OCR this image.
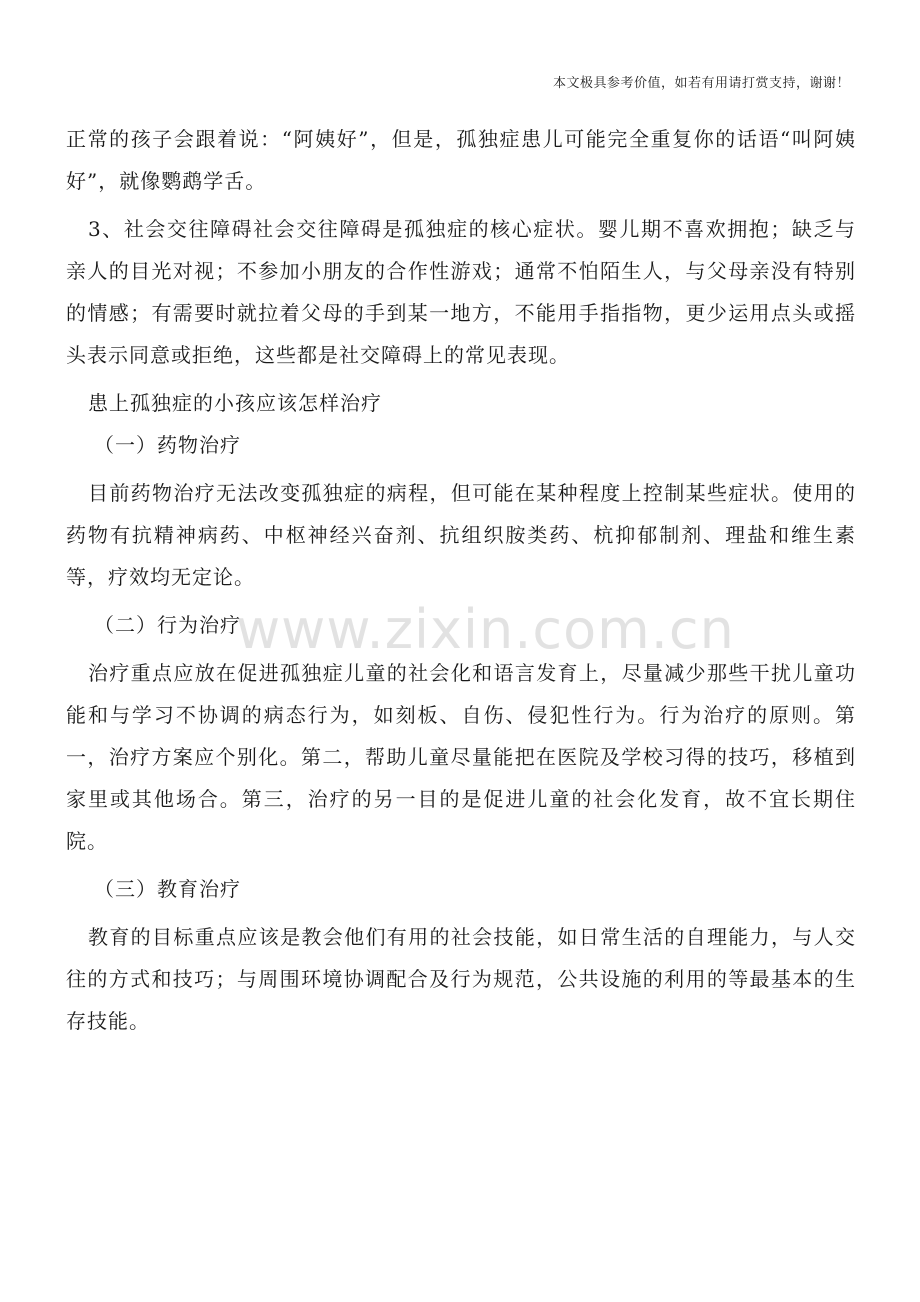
本文极具参考价值，如若有用请打赏支持，谢谢！
www.zixin.com.cn

正常的孩子会跟着说：“阿姨好”，但是，孤独症患儿可能完全重复你的话语“叫阿姨好”，就像鹦鹉学舌。

3、社会交往障碍社会交往障碍是孤独症的核心症状。婴儿期不喜欢拥抱；缺乏与亲人的目光对视；不参加小朋友的合作性游戏；通常不怕陌生人，与父母亲没有特别的情感；有需要时就拉着父母的手到某一地方，不能用手指指物，更少运用点头或摇头表示同意或拒绝，这些都是社交障碍上的常见表现。

患上孤独症的小孩应该怎样治疗

（一）药物治疗

目前药物治疗无法改变孤独症的病程，但可能在某种程度上控制某些症状。使用的药物有抗精神病药、中枢神经兴奋剂、抗组织胺类药、杭抑郁制剂、理盐和维生素等，疗效均无定论。

（二）行为治疗

治疗重点应放在促进孤独症儿童的社会化和语言发育上，尽量减少那些干扰儿童功能和与学习不协调的病态行为，如刻板、自伤、侵犯性行为。行为治疗的原则。第一，治疗方案应个别化。第二，帮助儿童尽量能把在医院及学校习得的技巧，移植到家里或其他场合。第三，治疗的另一目的是促进儿童的社会化发育，故不宜长期住院。

（三）教育治疗

教育的目标重点应该是教会他们有用的社会技能，如日常生活的自理能力，与人交往的方式和技巧；与周围环境协调配合及行为规范，公共设施的利用的等最基本的生存技能。
